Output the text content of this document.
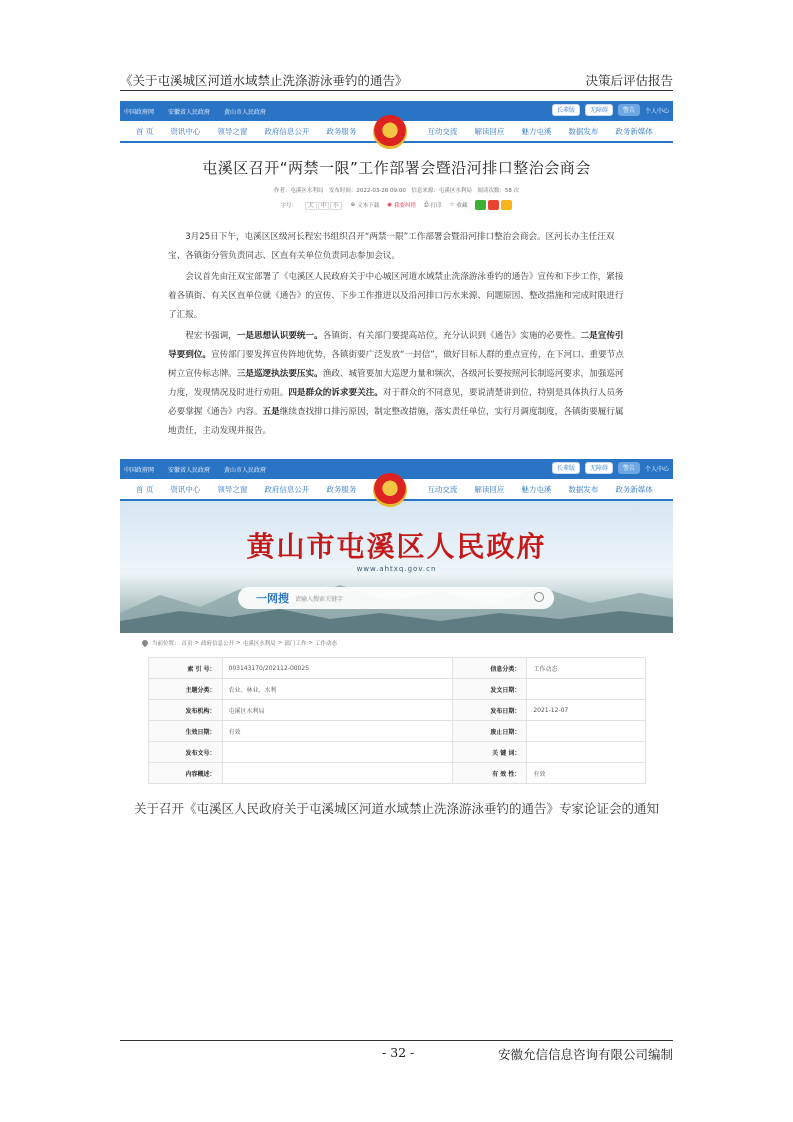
《关于屯溪城区河道水域禁止洗涤游泳垂钓的通告》	决策后评估报告
中国政府网 安徽省人民政府 黄山市人民政府	长辈版	无障碍	警告	个人中心
首 页 资讯中心 领导之窗 政府信息公开 政务服务	互动交流 解读回应 魅力屯溪 数据发布 政务新媒体
屯溪区召开“两禁一限”工作部署会暨沿河排口整治会商会
作者：屯溪区水利局　发布时间：2022-03-28 09:00　信息来源：屯溪区水利局　阅读次数：58 次
字号：	大 中 小	⊕ 文本下载 ◉ 我要纠错 ⎙ 打印 ☆ 收藏

3月25日下午，屯溪区区级河长程宏书组织召开“两禁一限”工作部署会暨沿河排口整治会商会。区河长办主任汪双宝、各镇街分管负责同志、区直有关单位负责同志参加会议。

会议首先由汪双宝部署了《屯溪区人民政府关于中心城区河道水域禁止洗涤游泳垂钓的通告》宣传和下步工作，紧接着各镇街、有关区直单位就《通告》的宣传、下步工作推进以及沿河排口污水来源、问题原因、整改措施和完成时限进行了汇报。

程宏书强调，一是思想认识要统一。各镇街、有关部门要提高站位，充分认识到《通告》实施的必要性。二是宣传引导要到位。宣传部门要发挥宣传阵地优势，各镇街要广泛发放“一封信”，做好目标人群的重点宣传，在下河口、重要节点树立宣传标志牌。三是巡逻执法要压实。渔政、城管要加大巡逻力量和频次，各级河长要按照河长制巡河要求，加强巡河力度，发现情况及时进行劝阻。四是群众的诉求要关注。对于群众的不同意见，要说清楚讲到位，特别是具体执行人员务必要掌握《通告》内容。五是继续查找排口排污原因，制定整改措施，落实责任单位，实行月调度制度，各镇街要履行属地责任，主动发现并报告。

中国政府网 安徽省人民政府 黄山市人民政府	长辈版	无障碍	警告	个人中心
首 页 资讯中心 领导之窗 政府信息公开 政务服务	互动交流 解读回应 魅力屯溪 数据发布 政务新媒体
黄山市屯溪区人民政府
www.ahtxq.gov.cn
一网搜	请输入搜索关键字
当前位置： 首页 > 政府信息公开 > 屯溪区水利局 > 部门工作 > 工作动态
索 引 号：	003143170/202112-00025	信息分类：	工作动态
主题分类：	农业、林业、水利	发文日期：	
发布机构：	屯溪区水利局	发布日期：	2021-12-07
生效日期：	有效	废止日期：	
发布文号：		关 键 词：	
内容概述：		有 效 性：	有效
关于召开《屯溪区人民政府关于屯溪城区河道水域禁止洗涤游泳垂钓的通告》专家论证会的通知
- 32 -	安徽允信信息咨询有限公司编制
